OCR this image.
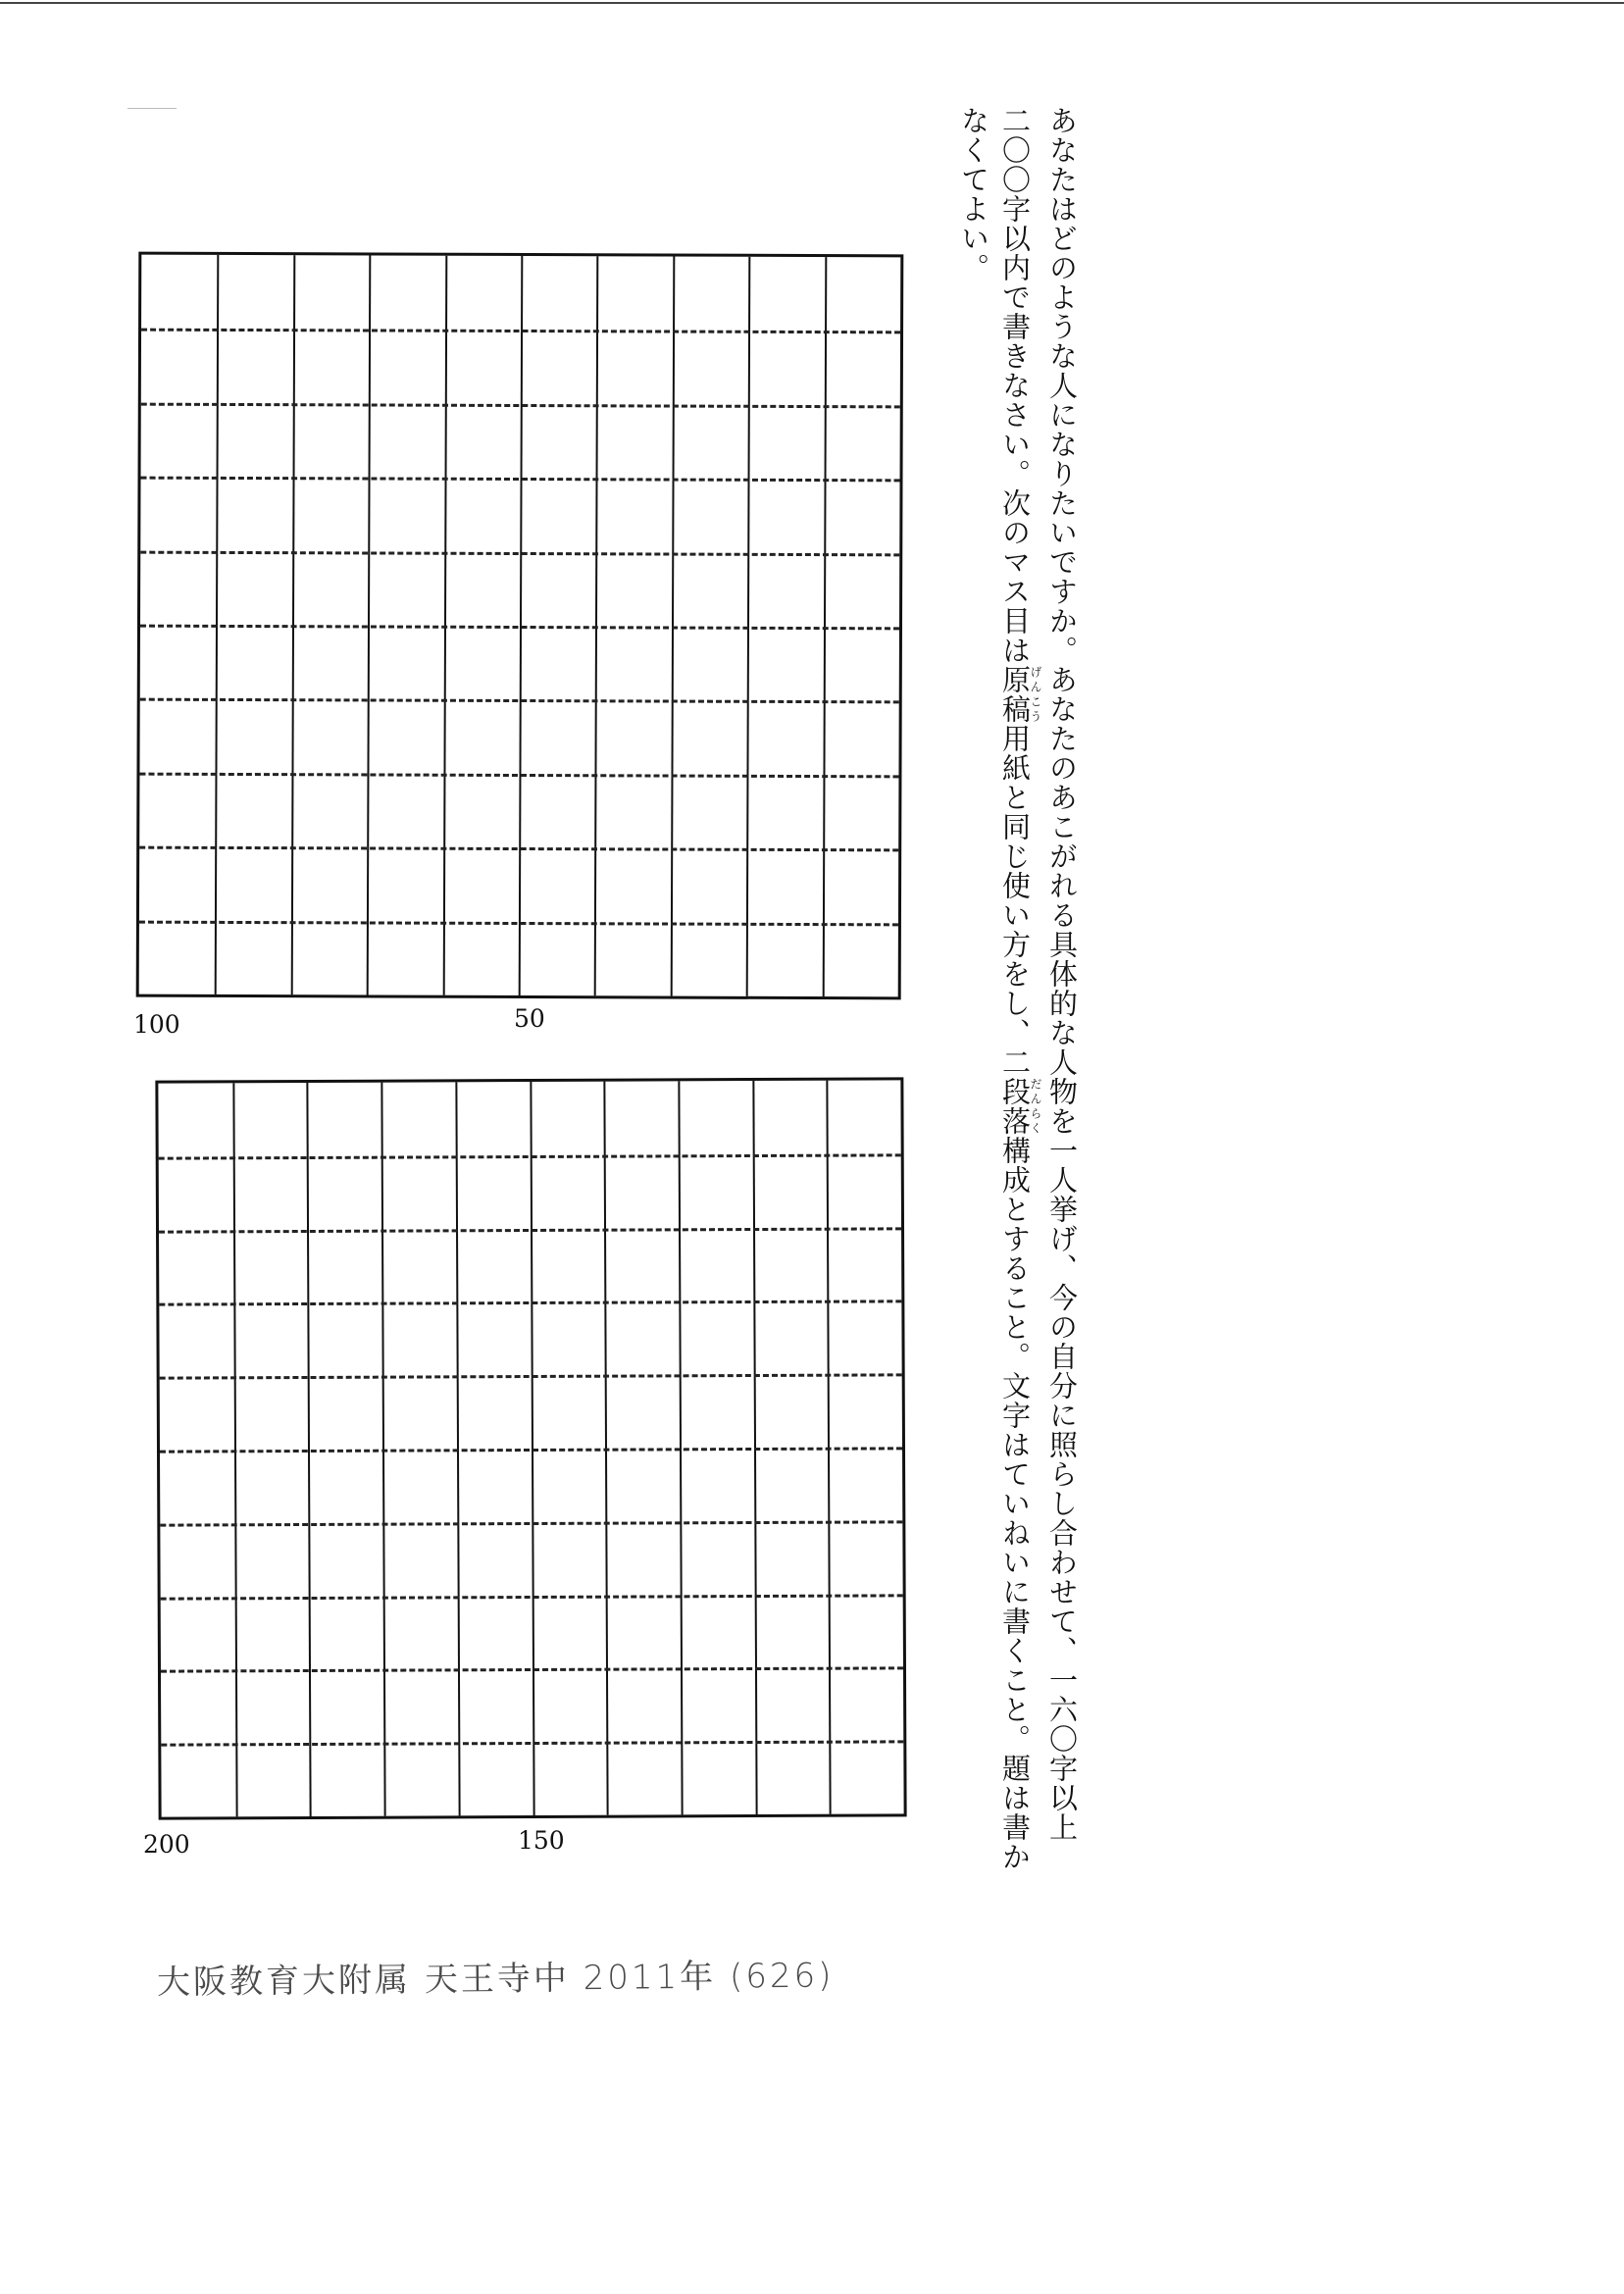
あなたはどのような人になりたいですか。あなたのあこがれる具体的な人物を一人挙げ、今の自分に照らし合わせて、一六〇字以上

二〇〇字以内で書きなさい。次のマス目は原稿げんこう用紙と同じ使い方をし、二段落だんらく構成とすること。文字はていねいに書くこと。題は書か

なくてよい。

100	50
200	150
大阪教育大附属 天王寺中 2011年 (626)
